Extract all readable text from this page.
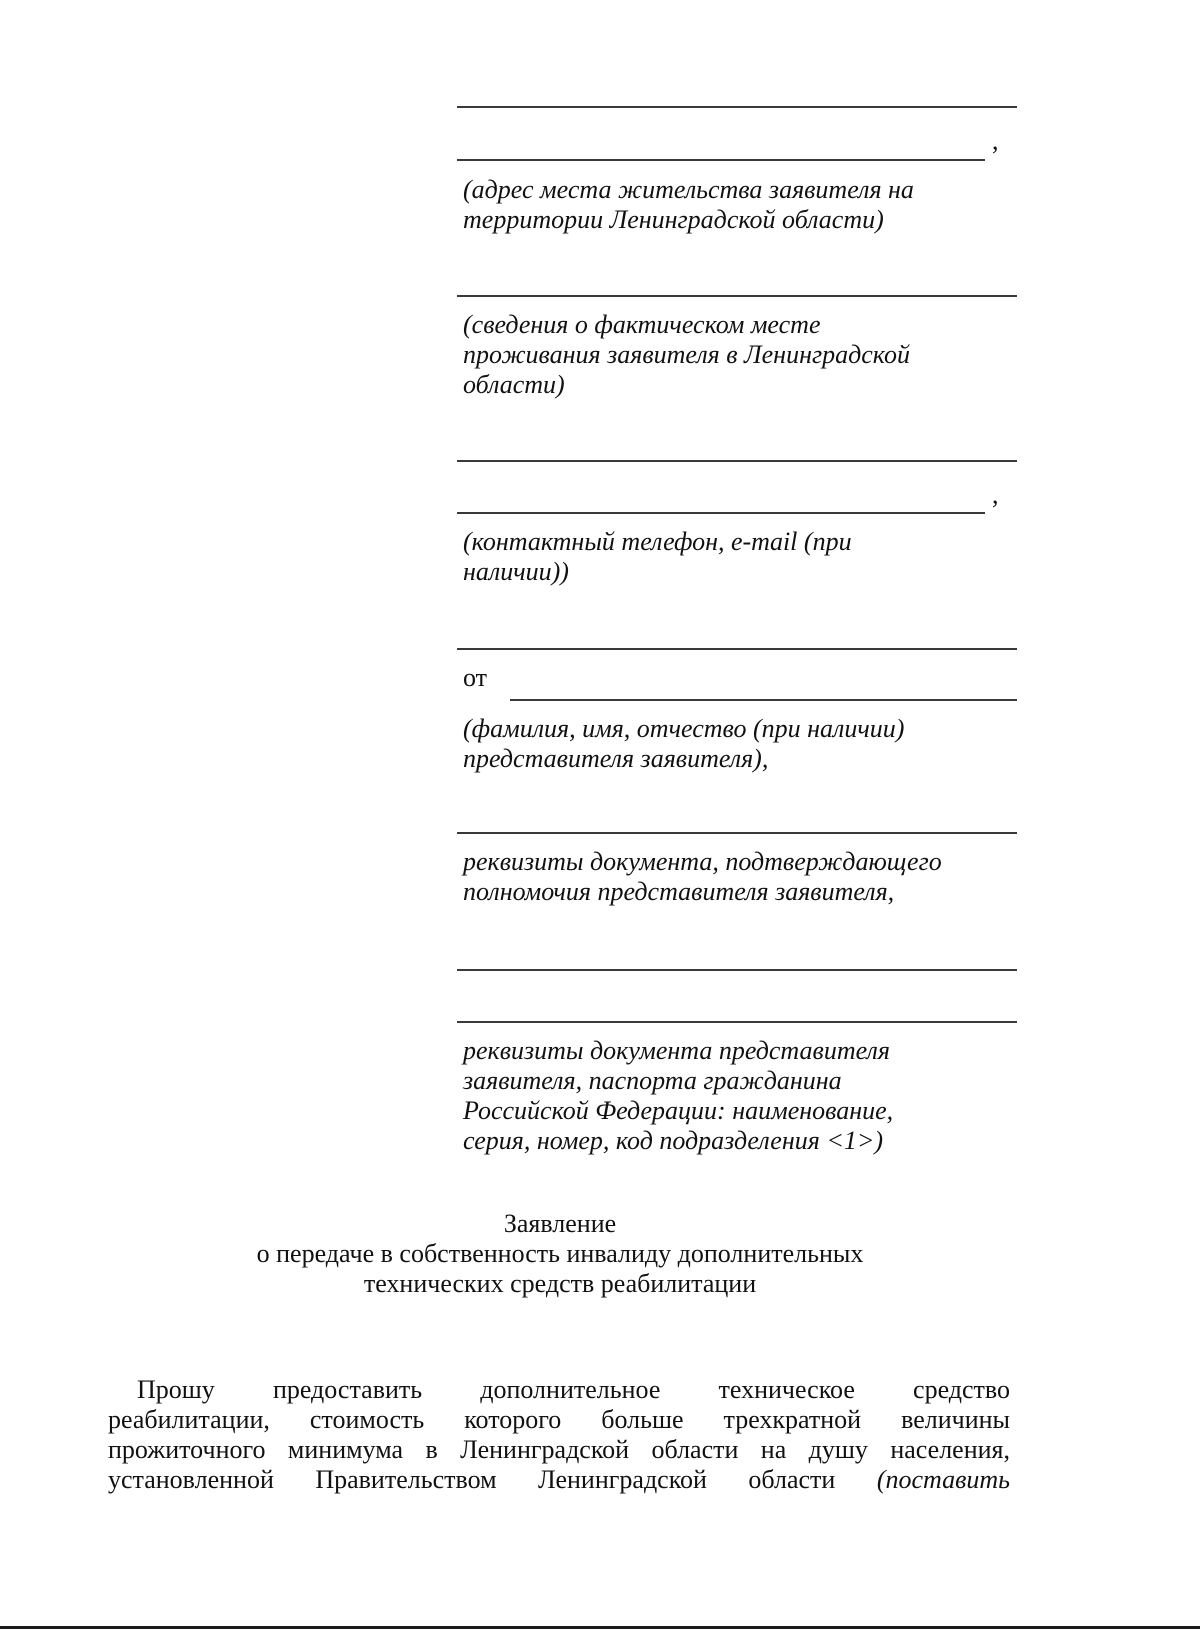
,

(адрес места жительства заявителя на
территории Ленинградской области)

(сведения о фактическом месте
проживания заявителя в Ленинградской
области)

,

(контактный телефон, e-mail (при
наличии))

от

(фамилия, имя, отчество (при наличии)
представителя заявителя),

реквизиты документа, подтверждающего
полномочия представителя заявителя,

реквизиты документа представителя
заявителя, паспорта гражданина
Российской Федерации: наименование,
серия, номер, код подразделения <1>)

Заявление
о передаче в собственность инвалиду дополнительных
технических средств реабилитации
Прошу предоставить дополнительное техническое средство
реабилитации, стоимость которого больше трехкратной величины
прожиточного минимума в Ленинградской области на душу населения,
установленной Правительством Ленинградской области (поставить
